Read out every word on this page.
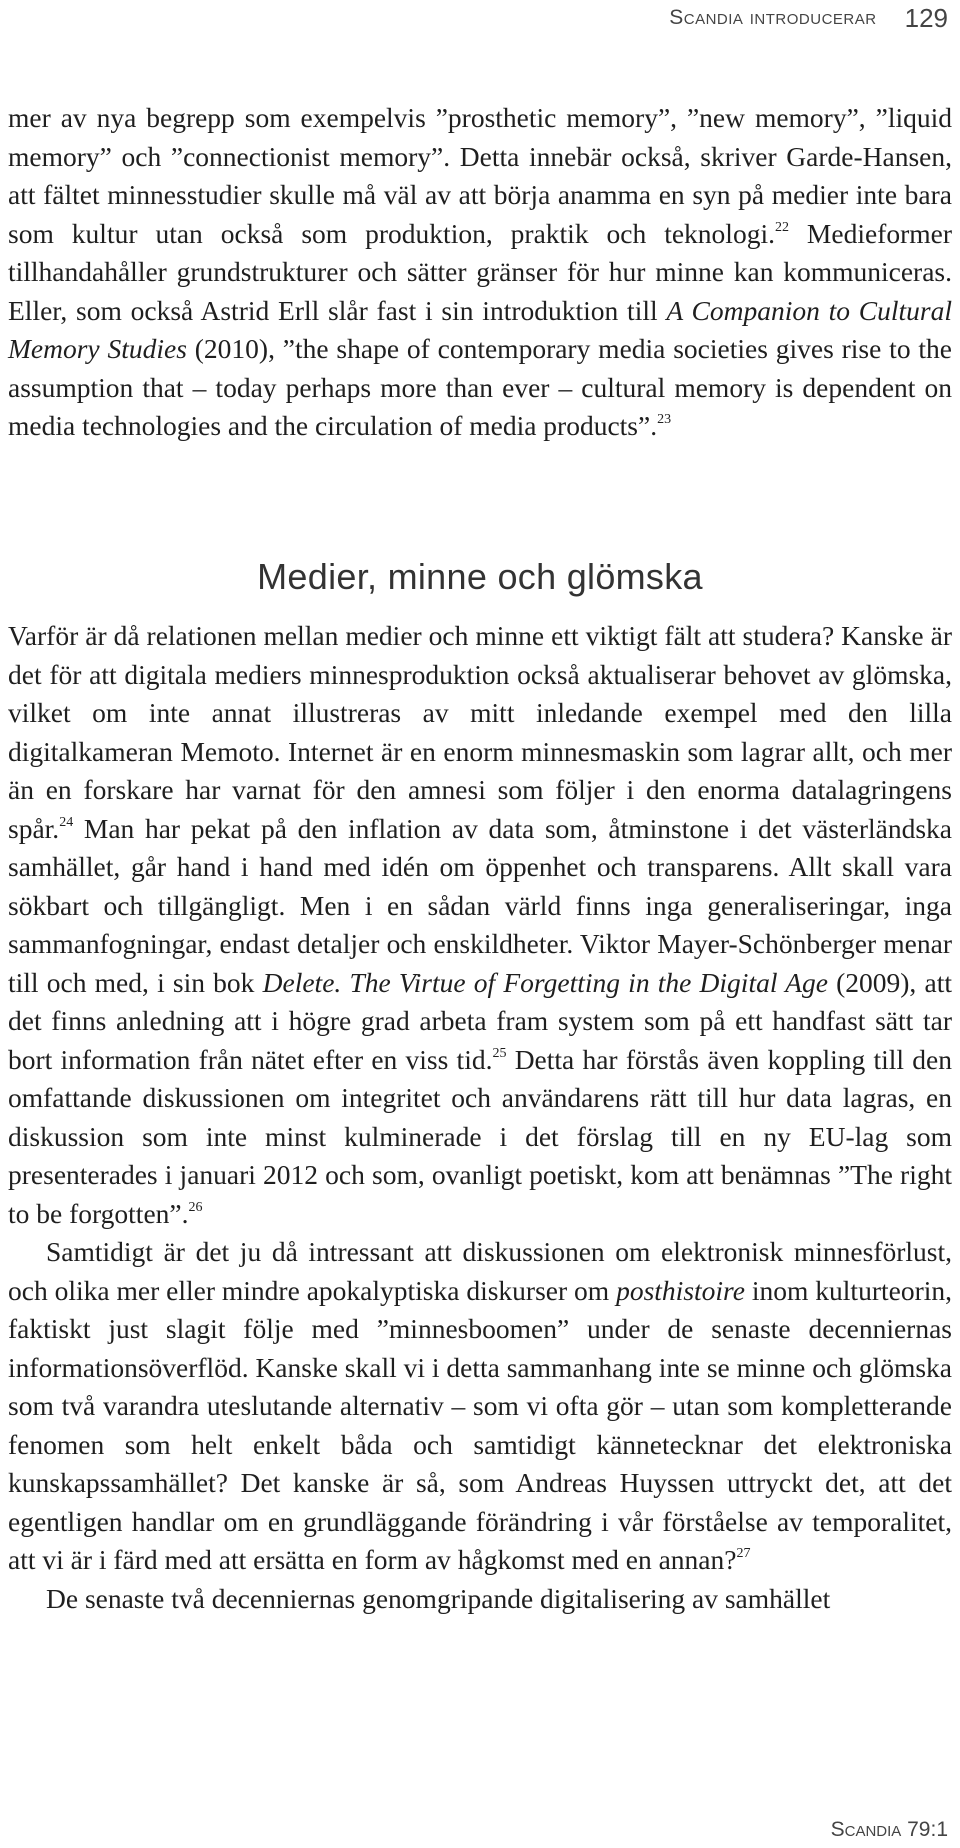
Scandia introducerar 129

mer av nya begrepp som exempelvis ”prosthetic memory”, ”new memory”, ”liquid memory” och ”connectionist memory”. Detta innebär också, skriver Garde-Hansen, att fältet minnesstudier skulle må väl av att börja anamma en syn på medier inte bara som kultur utan också som produktion, praktik och teknologi.$^{22}$ Medieformer tillhandahåller grundstrukturer och sätter gränser för hur minne kan kommuniceras. Eller, som också Astrid Erll slår fast i sin introduktion till A Companion to Cultural Memory Studies (2010), ”the shape of contemporary media societies gives rise to the assumption that – today perhaps more than ever – cultural memory is dependent on media technologies and the circulation of media products”.$^{23}$

Medier, minne och glömska

Varför är då relationen mellan medier och minne ett viktigt fält att studera? Kanske är det för att digitala mediers minnesproduktion också aktualiserar behovet av glömska, vilket om inte annat illustreras av mitt inledande exempel med den lilla digitalkameran Memoto. Internet är en enorm minnesmaskin som lagrar allt, och mer än en forskare har varnat för den amnesi som följer i den enorma datalagringens spår.$^{24}$ Man har pekat på den inflation av data som, åtminstone i det västerländska samhället, går hand i hand med idén om öppenhet och transparens. Allt skall vara sökbart och tillgängligt. Men i en sådan värld finns inga generaliseringar, inga sammanfogningar, endast detaljer och enskildheter. Viktor Mayer-Schönberger menar till och med, i sin bok Delete. The Virtue of Forgetting in the Digital Age (2009), att det finns anledning att i högre grad arbeta fram system som på ett handfast sätt tar bort information från nätet efter en viss tid.$^{25}$ Detta har förstås även koppling till den omfattande diskussionen om integritet och användarens rätt till hur data lagras, en diskussion som inte minst kulminerade i det förslag till en ny EU-lag som presenterades i januari 2012 och som, ovanligt poetiskt, kom att benämnas ”The right to be forgotten”.$^{26}$

Samtidigt är det ju då intressant att diskussionen om elektronisk minnesförlust, och olika mer eller mindre apokalyptiska diskurser om posthistoire inom kulturteorin, faktiskt just slagit följe med ”minnesboomen” under de senaste decenniernas informationsöverflöd. Kanske skall vi i detta sammanhang inte se minne och glömska som två varandra uteslutande alternativ – som vi ofta gör – utan som kompletterande fenomen som helt enkelt båda och samtidigt kännetecknar det elektroniska kunskapssamhället? Det kanske är så, som Andreas Huyssen uttryckt det, att det egentligen handlar om en grundläggande förändring i vår förståelse av temporalitet, att vi är i färd med att ersätta en form av hågkomst med en annan?$^{27}$

De senaste två decenniernas genomgripande digitalisering av samhället

Scandia 79:1
